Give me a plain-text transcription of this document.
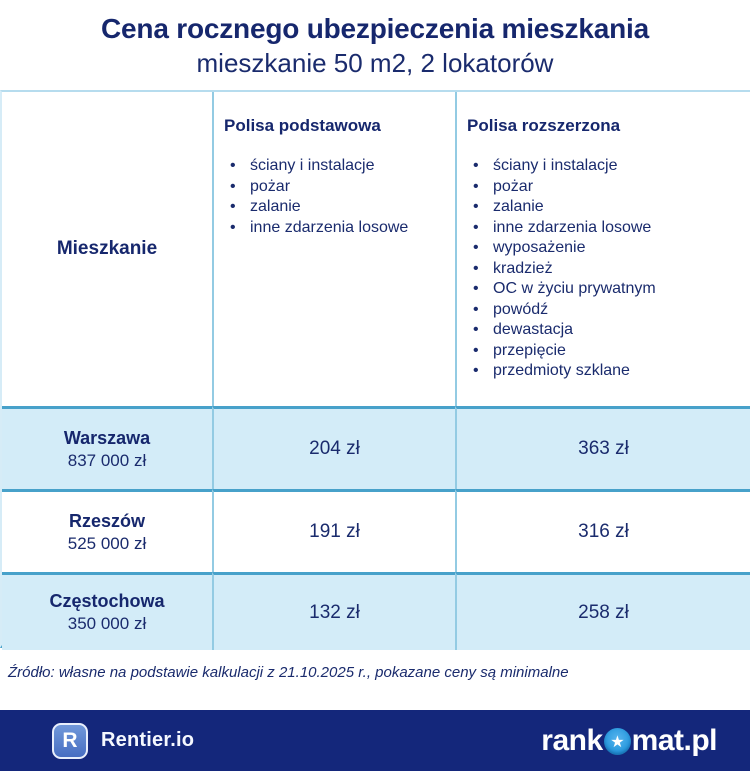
Cena rocznego ubezpieczenia mieszkania
mieszkanie 50 m2, 2 lokatorów
Mieszkanie
Polisa podstawowa
• ściany i instalacje
• pożar
• zalanie
• inne zdarzenia losowe
Polisa rozszerzona
• ściany i instalacje
• pożar
• zalanie
• inne zdarzenia losowe
• wyposażenie
• kradzież
• OC w życiu prywatnym
• powódź
• dewastacja
• przepięcie
• przedmioty szklane
Warszawa
837 000 zł
204 zł	363 zł
Rzeszów
525 000 zł
191 zł	316 zł
Częstochowa
350 000 zł
132 zł	258 zł

Źródło: własne na podstawie kalkulacji z 21.10.2025 r., pokazane ceny są minimalne

R	Rentier.io	rank ★ mat.pl
